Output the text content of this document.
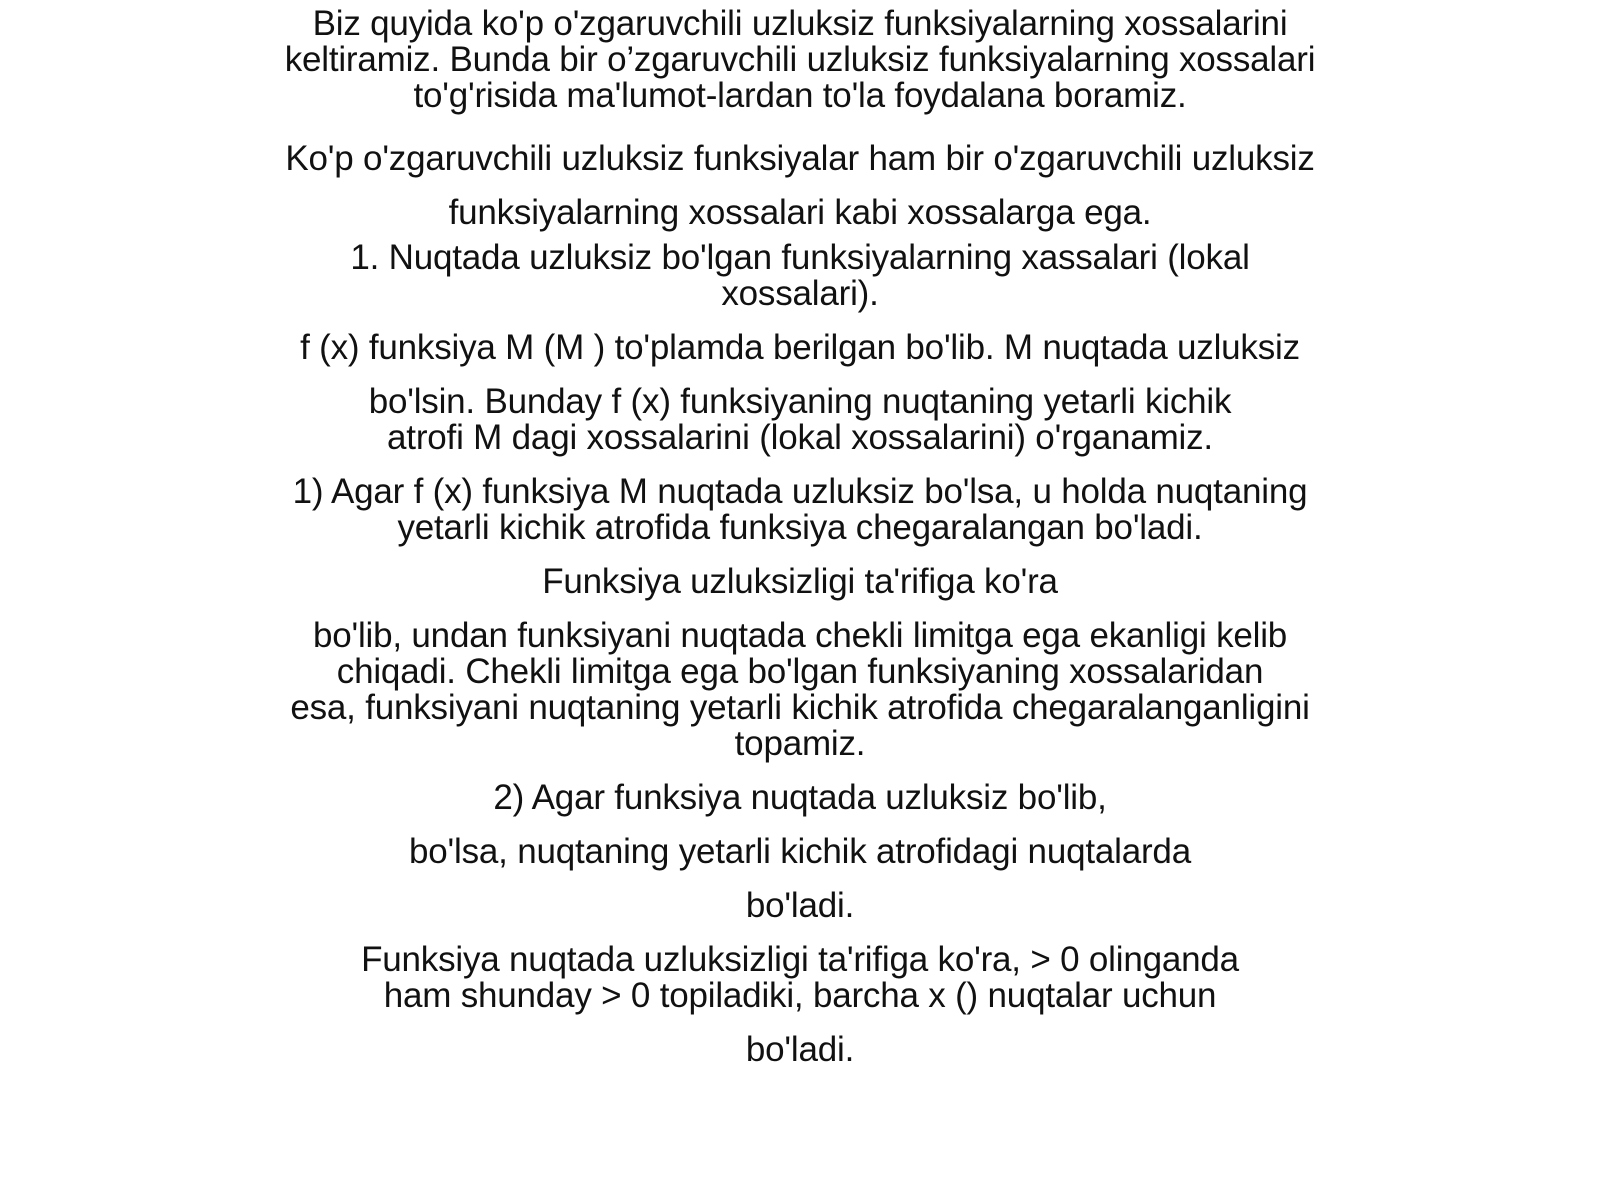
Biz quyida ko'p o'zgaruvchili uzluksiz funksiyalarning xossalarini
keltiramiz. Bunda bir o’zgaruvchili uzluksiz funksiyalarning xossalari
to'g'risida ma'lumot-lardan to'la foydalana boramiz.

Ko'p o'zgaruvchili uzluksiz funksiyalar ham bir o'zgaruvchili uzluksiz
funksiyalarning xossalari kabi xossalarga ega.

1. Nuqtada uzluksiz bo'lgan funksiyalarning xassalari (lokal
xossalari).

f (x) funksiya M (M ) to'plamda berilgan bo'lib. M nuqtada uzluksiz

bo'lsin. Bunday f (x) funksiyaning nuqtaning yetarli kichik
atrofi M dagi xossalarini (lokal xossalarini) o'rganamiz.

1) Agar f (x) funksiya M nuqtada uzluksiz bo'lsa, u holda nuqtaning
yetarli kichik atrofida funksiya chegaralangan bo'ladi.

Funksiya uzluksizligi ta'rifiga ko'ra

bo'lib, undan funksiyani nuqtada chekli limitga ega ekanligi kelib
chiqadi. Chekli limitga ega bo'lgan funksiyaning xossalaridan
esa, funksiyani nuqtaning yetarli kichik atrofida chegaralanganligini
topamiz.

2) Agar funksiya nuqtada uzluksiz bo'lib,

bo'lsa, nuqtaning yetarli kichik atrofidagi nuqtalarda

bo'ladi.

Funksiya nuqtada uzluksizligi ta'rifiga ko'ra, > 0 olinganda
ham shunday > 0 topiladiki, barcha x () nuqtalar uchun

bo'ladi.
